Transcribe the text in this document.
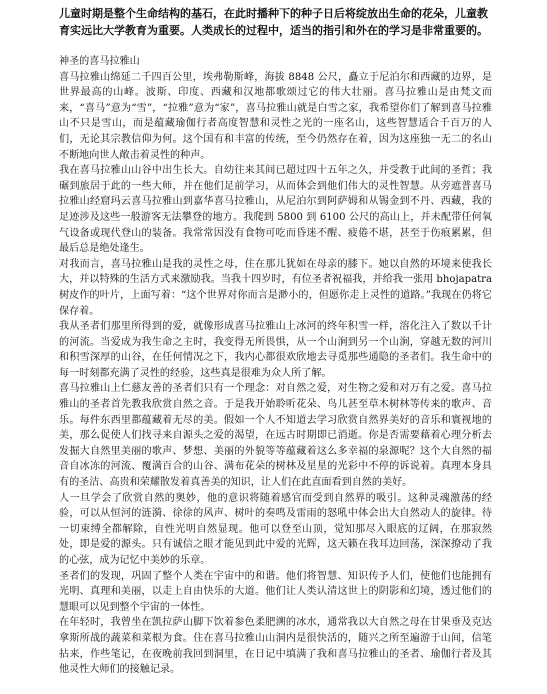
儿童时期是整个生命结构的基石，在此时播种下的种子日后将绽放出生命的花朵，儿童教育实远比大学教育为重要。人类成长的过程中，适当的指引和外在的学习是非常重要的。

神圣的喜马拉雅山

喜马拉雅山绵延二千四百公里，埃弗勒斯峰，海拔 8848 公尺，矗立于尼泊尔和西藏的边界，是世界最高的山峰。波斯、印度、西藏和汉地都歌颂过它的伟大壮丽。喜马拉雅山是由梵文而来，“喜马”意为“雪”，“拉雅”意为“家”，喜马拉雅山就是白雪之家，我希望你们了解到喜马拉雅山不只是雪山，而是蕴藏瑜伽行者高度智慧和灵性之光的一座名山，这些智慧适合千百万的人们，无论其宗教信仰为何。这个国有和丰富的传统，至今仍然存在着，因为这座独一无二的名山不断地向世人敞击着灵性的种声。

我在喜马拉雅山山谷中出生长大。自幼往来其间已超过四十五年之久，并受教于此间的圣哲；我碾到旅居于此的一些大师，并在他们足前学习，从而体会到他们伟大的灵性智慧。从旁遮普喜马拉雅山经窟玛云喜马拉雅山到嘉华喜马拉雅山，从尼泊尔到阿萨姆和从锡金到不丹、西藏，我的足迹涉及这些一般游客无法攀登的地方。我爬到 5800 到 6100 公尺的高山上，并未配带任何氧气设备或现代登山的装备。我常常因没有食物可吃而昏迷不醒、疲倦不堪，甚至于伤痕累累，但最后总是绝处逢生。

对我而言，喜马拉雅山是我的灵性之母，住在那儿犹如在母亲的膝下。她以自然的环境来使我长大，并以特殊的生活方式来激励我。当我十四岁时，有位圣者祝福我，并给我一张用 bhojapatra 树皮作的叶片，上面写着：“这个世界对你而言是渺小的，但愿你走上灵性的道路。”我现在仍将它保存着。

我从圣者们那里所得到的爱，就像形成喜马拉雅山上冰河的终年积雪一样，溶化注入了数以千计的河流。当爱成为我生命之主时，我变得无所畏惧，从一个山涧到另一个山涧，穿越无数的河川和积雪深厚的山谷，在任何情况之下，我内心都很欢欣地去寻觅那些通隐的圣者们。我生命中的每一时刻都充满了灵性的经验，这些真是很难为众人所了解。

喜马拉雅山上仁慈友善的圣者们只有一个理念：对自然之爱，对生物之爱和对万有之爱。喜马拉雅山的圣者首先教我欣赏自然之音。于是我开始聆听花朵、鸟儿甚至草木树林等传来的歌声、音乐。每件东西里都蕴藏着无尽的美。假如一个人不知道去学习欣赏自然界美好的音乐和寰视地的美，那么促使人们找寻来自源头之爱的渴望，在远古时期即已消逝。你是否需要藉着心理分析去发掘大自然里美丽的歌声、梦想、美丽的外貌等等蕴藏着这么多幸福的泉源呢？这个大自然的福音自冰冻的河流、覆满百合的山谷、满布花朵的树林及星星的光彩中不停的诉说着。真理本身具有的圣洁、高贵和荣耀散发着真善美的知识，让人们在此直面看到自然的美好。

人一旦学会了欣赏自然的奥妙，他的意识将随着感官而受到自然界的吸引。这种灵魂激荡的经验，可以从恒河的涟漪、徐徐的风声、树叶的奏鸣及雷雨的怒吼中体会出大自然动人的旋律。待一切束缚全都解除，自性光明自然显现。他可以登至山顶，觉知那尽入眼底的辽阔，在那寂然处，即是爱的源头。只有诚信之眼才能见到此中爱的光辉，这天籁在我耳边回荡，深深撩动了我的心弦，成为记忆中美妙的乐章。

圣者们的发现，巩固了整个人类在宇宙中的和谐。他们将智慧、知识传予人们，使他们也能拥有光明、真理和美丽，以走上自由快乐的大道。他们让人类认清这世上的阴影和幻境，透过他们的慧眼可以见到整个宇宙的一体性。

在年轻时，我曾坐在凯拉萨山脚下饮着参色柔肥溯的冰水，通常我以大自然之母在甘果垂及克达拿斯所战的蔬菜和菜根为食。住在喜马拉雅山山洞内是很快活的，随兴之所至遍游于山间，信笔拈来，作些笔记，在夜晚前我回到洞里，在日记中填满了我和喜马拉雅山的圣者、瑜伽行者及其他灵性大师们的接触记录。
